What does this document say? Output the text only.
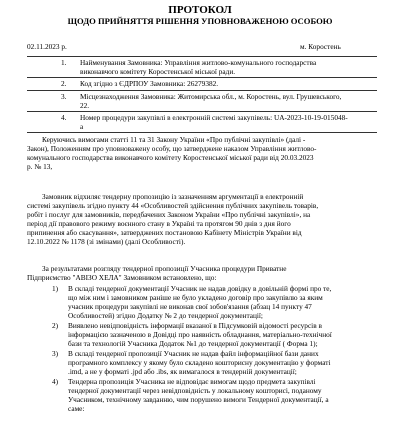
ПРОТОКОЛ
ЩОДО ПРИЙНЯТТЯ РІШЕННЯ УПОВНОВАЖЕНОЮ ОСОБОЮ
02.11.2023 р.	м. Коростень
1. Найменування Замовника: Управління житлово-комунального господарства
виконавчого комітету Коростенської міської ради.
2. Код згідно з ЄДРПОУ Замовника: 26279382.
3. Місцезнаходження Замовника: Житомирська обл., м. Коростень, вул. Грушевського,
22.
4. Номер процедури закупівлі в електронній системі закупівель: UA-2023-10-19-015048-
a
Керуючись вимогами статті 11 та 31 Закону України «Про публічні закупівлі» (далі -
Закон), Положенням про уповноважену особу, що затверджене наказом Управління житлово-
комунального господарства виконавчого комітету Коростенської міської ради від 20.03.2023
р. № 13,
Замовник відхиляє тендерну пропозицію із зазначенням аргументації в електронній
системі закупівель згідно пункту 44 «Особливостей здійснення публічних закупівель товарів,
робіт і послуг для замовників, передбачених Законом України «Про публічні закупівлі», на
період дії правового режиму воєнного стану в Україні та протягом 90 днів з дня його
припинення або скасування», затверджених постановою Кабінету Міністрів України від
12.10.2022 № 1178 (зі змінами) (далі Особливості).
За результатами розгляду тендерної пропозиції Учасника процедури Приватне
Підприємство "АВІЗО ХЕЛА" Замовником встановлено, що:
1) В складі тендерної документації Учасник не надав довідку в довільній формі про те,
що між ним і замовником раніше не було укладено договір про закупівлю за яким
учасник процедури закупівлі не виконав свої зобов'язання (абзац 14 пункту 47
Особливостей) згідно Додатку № 2 до тендерної документації;
2) Виявлено невідповідність інформації вказаної в Підсумковій відомості ресурсів в
інформацією зазначеною в Довідці про наявність обладнання, матеріально-технічної
бази та технологій Учасника Додаток №1 до тендерної документації ( Форма 1);
3) В складі тендерної пропозиції Учасник не надав файл інформаційної бази даних
програмного комплексу у якому було складено кошторисну документацію у форматі
.imd, а не у форматі .jpd або .ibs, як вимагалося в тендерній документації;
4) Тендерна пропозиція Учасника не відповідає вимогам щодо предмета закупівлі
тендерної документації через невідповідність у локальному кошторисі, поданому
Учасником, технічному завданню, чим порушено вимоги Тендерної документації, а
саме:
